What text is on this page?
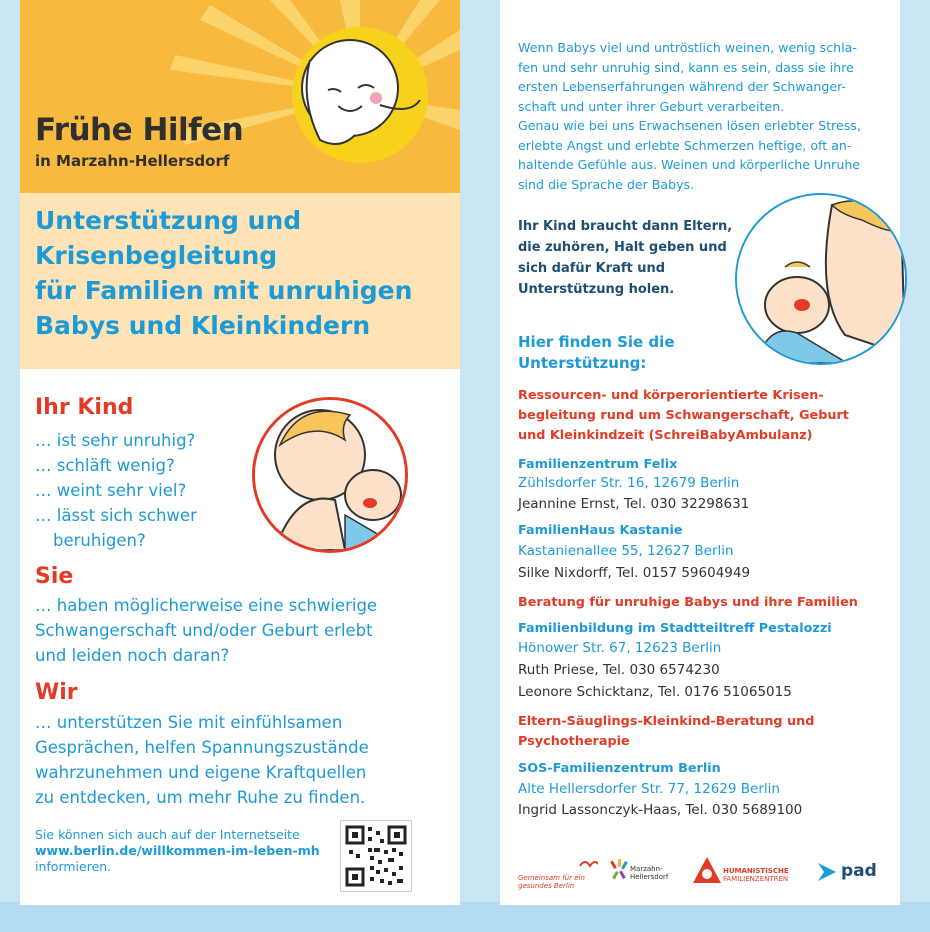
Frühe Hilfen
in Marzahn-Hellersdorf
Unterstützung und
Krisenbegleitung
für Familien mit unruhigen
Babys und Kleinkindern
Ihr Kind
… ist sehr unruhig?
… schläft wenig?
… weint sehr viel?
… lässt sich schwer
beruhigen?
Sie
… haben möglicherweise eine schwierige
Schwangerschaft und/oder Geburt erlebt
und leiden noch daran?
Wir
… unterstützen Sie mit einfühlsamen
Gesprächen, helfen Spannungszustände
wahrzunehmen und eigene Kraftquellen
zu entdecken, um mehr Ruhe zu finden.
Sie können sich auch auf der Internetseite
www.berlin.de/willkommen-im-leben-mh
informieren.
Wenn Babys viel und untröstlich weinen, wenig schla-
fen und sehr unruhig sind, kann es sein, dass sie ihre
ersten Lebenserfahrungen während der Schwanger-
schaft und unter ihrer Geburt verarbeiten.
Genau wie bei uns Erwachsenen lösen erlebter Stress,
erlebte Angst und erlebte Schmerzen heftige, oft an-
haltende Gefühle aus. Weinen und körperliche Unruhe
sind die Sprache der Babys.
Ihr Kind braucht dann Eltern,
die zuhören, Halt geben und
sich dafür Kraft und
Unterstützung holen.
Hier finden Sie die
Unterstützung:
Ressourcen- und körperorientierte Krisen-
begleitung rund um Schwangerschaft, Geburt
und Kleinkindzeit (SchreiBabyAmbulanz)
Familienzentrum Felix
Zühlsdorfer Str. 16, 12679 Berlin
Jeannine Ernst, Tel. 030 32298631
FamilienHaus Kastanie
Kastanienallee 55, 12627 Berlin
Silke Nixdorff, Tel. 0157 59604949
Beratung für unruhige Babys und ihre Familien
Familienbildung im Stadtteiltreff Pestalozzi
Hönower Str. 67, 12623 Berlin
Ruth Priese, Tel. 030 6574230
Leonore Schicktanz, Tel. 0176 51065015
Eltern-Säuglings-Kleinkind-Beratung und
Psychotherapie
SOS-Familienzentrum Berlin
Alte Hellersdorfer Str. 77, 12629 Berlin
Ingrid Lassonczyk-Haas, Tel. 030 5689100
Gemeinsam für ein
gesundes Berlin
Marzahn-
Hellersdorf
HUMANISTISCHE
FAMILIENZENTREN	pad
